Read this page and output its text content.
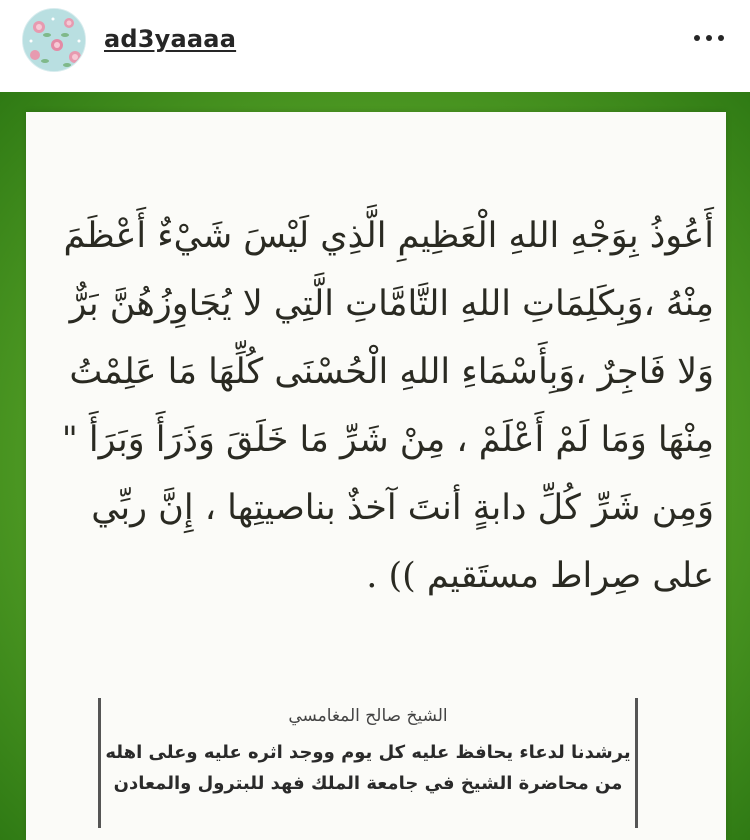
ad3yaaaa
أَعُوذُ بِوَجْهِ اللهِ الْعَظِيمِ الَّذِي لَيْسَ شَيْءٌ أَعْظَمَ
مِنْهُ ،وَبِكَلِمَاتِ اللهِ التَّامَّاتِ الَّتِي لا يُجَاوِزُهُنَّ بَرٌّ
وَلا فَاجِرٌ ،وَبِأَسْمَاءِ اللهِ الْحُسْنَى كُلِّهَا مَا عَلِمْتُ
مِنْهَا وَمَا لَمْ أَعْلَمْ ، مِنْ شَرِّ مَا خَلَقَ وَذَرَأَ وَبَرَأَ "
وَمِن شَرِّ كُلِّ دابةٍ أنتَ آخذٌ بناصيتِها ، إِنَّ ربِّي
على صِراط مستَقيم )) .
الشيخ صالح المغامسي
يرشدنا لدعاء يحافظ عليه كل يوم ووجد اثره عليه وعلى اهله
من محاضرة الشيخ في جامعة الملك فهد للبترول والمعادن
